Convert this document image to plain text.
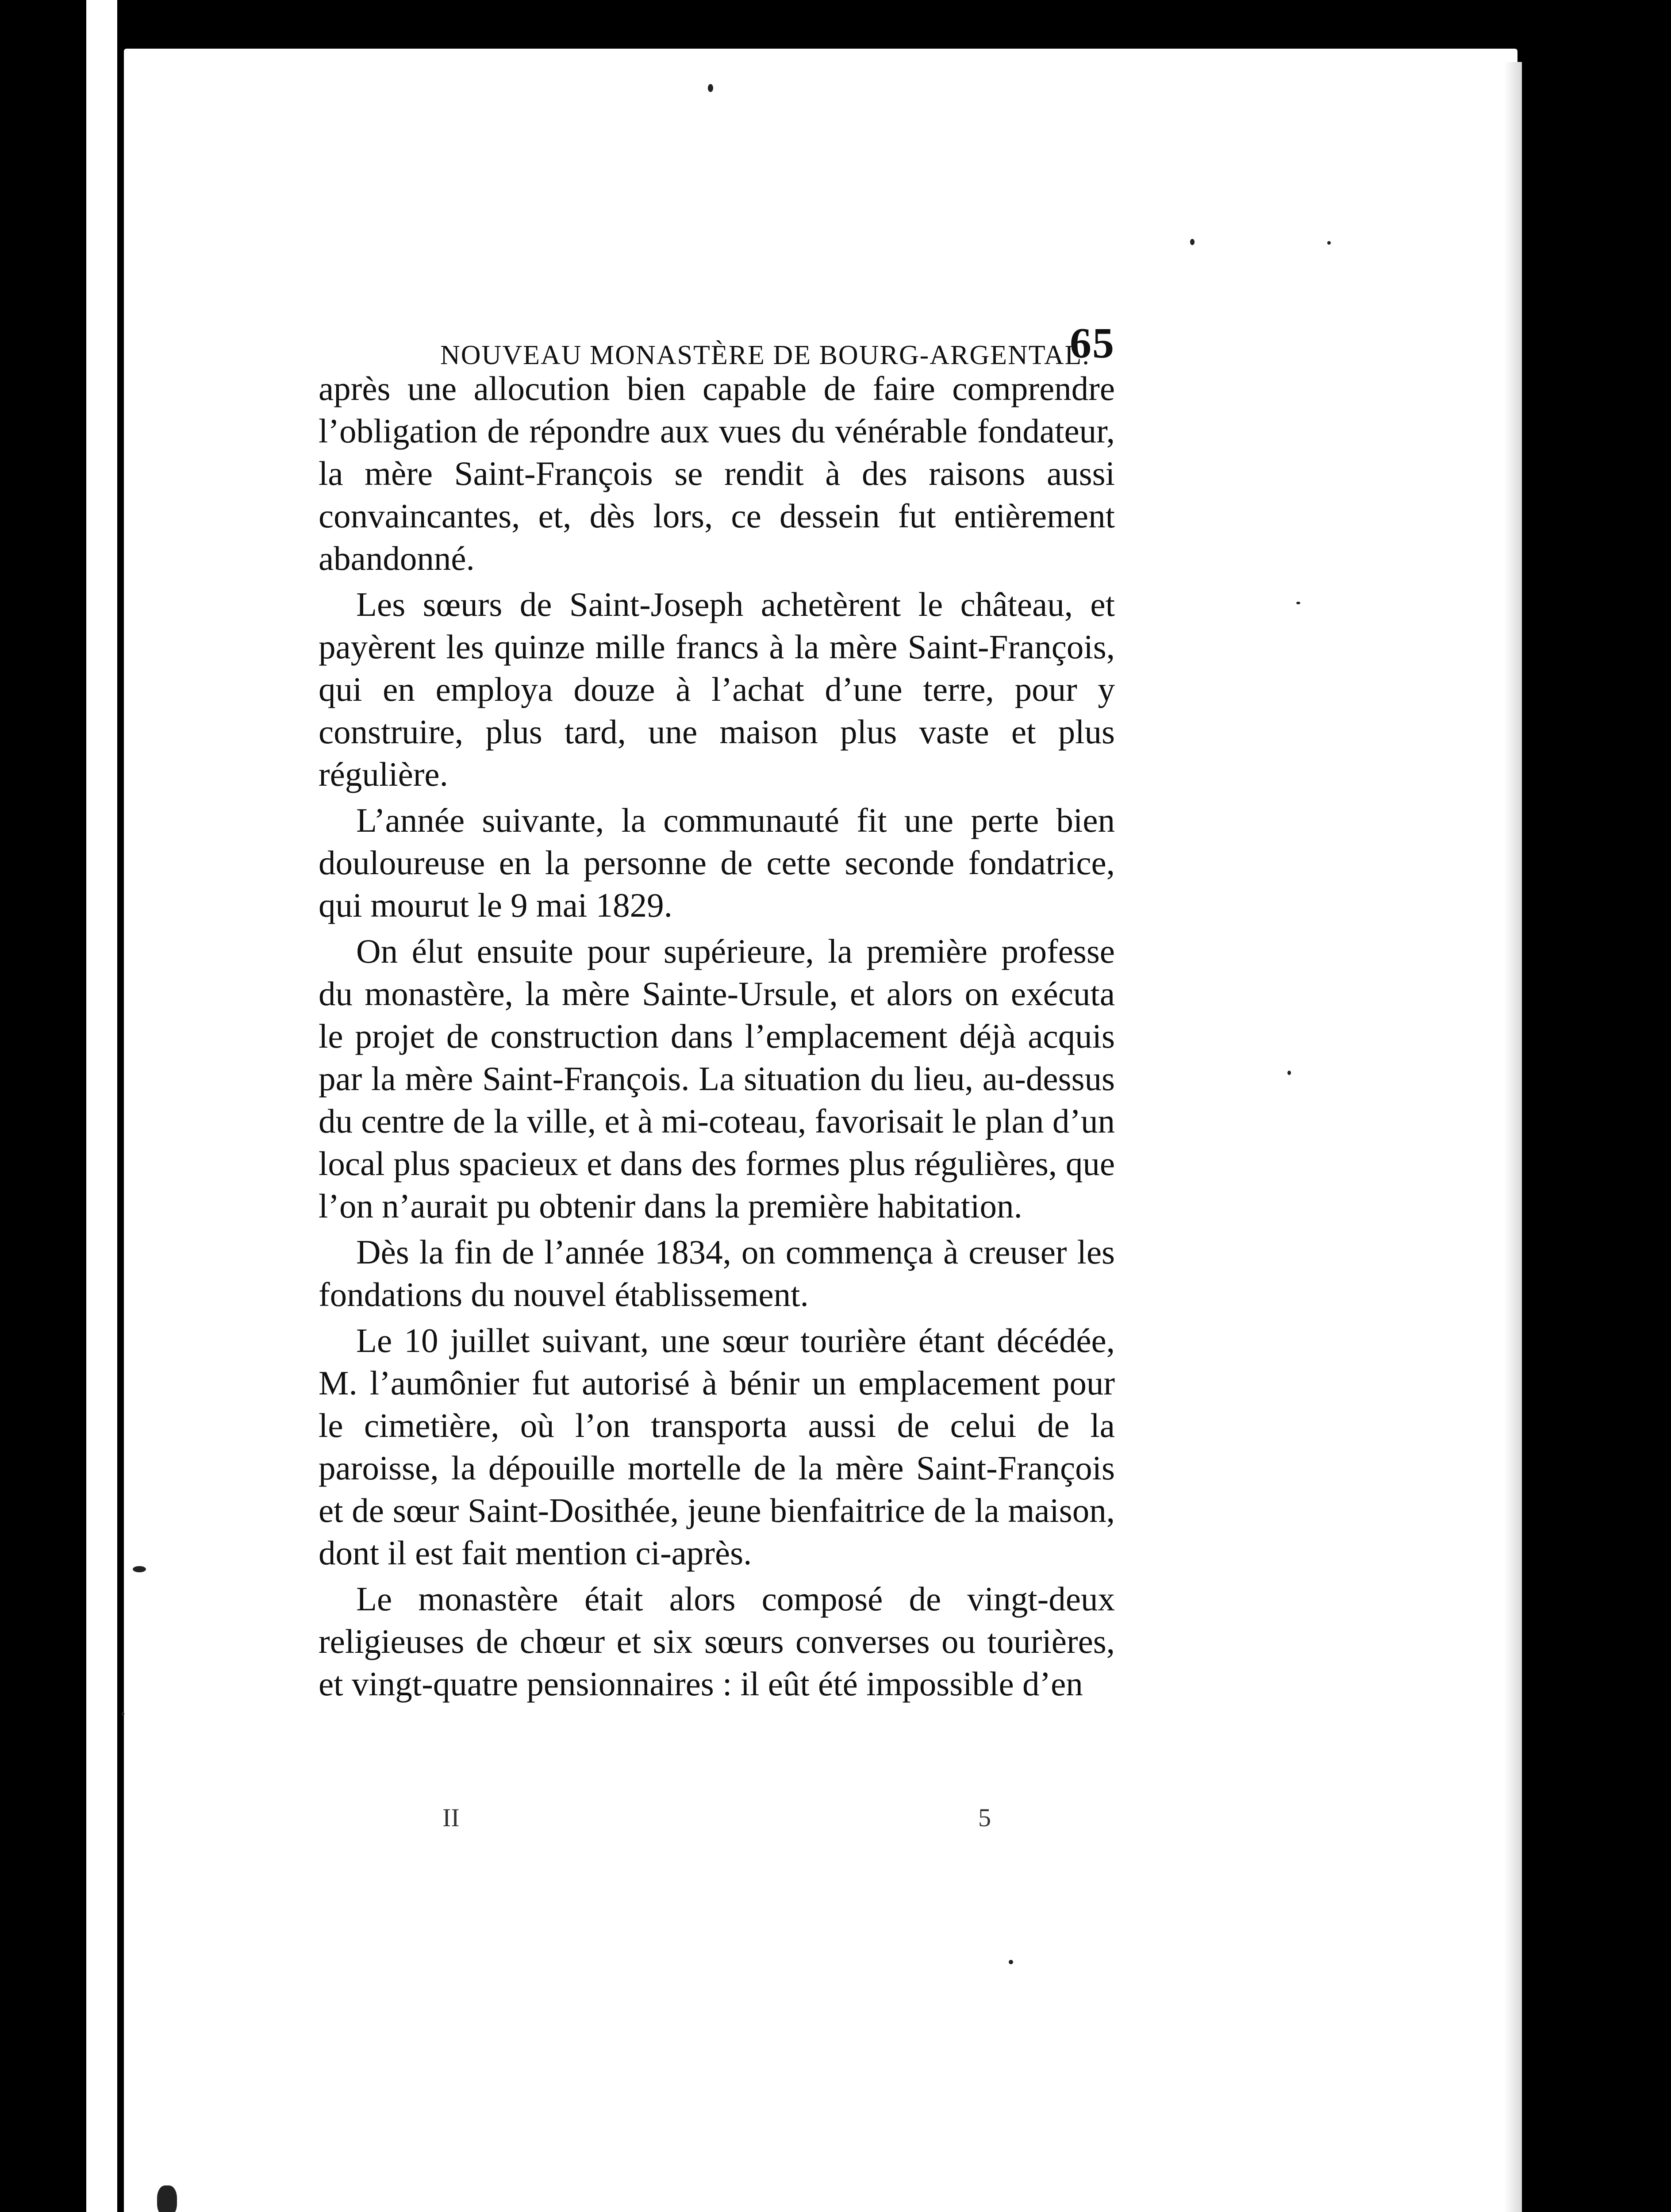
NOUVEAU MONASTÈRE DE BOURG-ARGENTAL.
65

après une allocution bien capable de faire comprendre l’obligation de répondre aux vues du vénérable fondateur, la mère Saint-François se rendit à des raisons aussi convaincantes, et, dès lors, ce dessein fut entièrement abandonné.

Les sœurs de Saint-Joseph achetèrent le château, et payèrent les quinze mille francs à la mère Saint-François, qui en employa douze à l’achat d’une terre, pour y construire, plus tard, une maison plus vaste et plus régulière.

L’année suivante, la communauté fit une perte bien douloureuse en la personne de cette seconde fondatrice, qui mourut le 9 mai 1829.

On élut ensuite pour supérieure, la première professe du monastère, la mère Sainte-Ursule, et alors on exécuta le projet de construction dans l’emplacement déjà acquis par la mère Saint-François. La situation du lieu, au-dessus du centre de la ville, et à mi-coteau, favorisait le plan d’un local plus spacieux et dans des formes plus régulières, que l’on n’aurait pu obtenir dans la première habitation.

Dès la fin de l’année 1834, on commença à creuser les fondations du nouvel établissement.

Le 10 juillet suivant, une sœur tourière étant décédée, M. l’aumônier fut autorisé à bénir un emplacement pour le cimetière, où l’on transporta aussi de celui de la paroisse, la dépouille mortelle de la mère Saint-François et de sœur Saint-Dosithée, jeune bienfaitrice de la maison, dont il est fait mention ci-après.

Le monastère était alors composé de vingt-deux religieuses de chœur et six sœurs converses ou tourières, et vingt-quatre pensionnaires : il eût été impossible d’en

II	5
